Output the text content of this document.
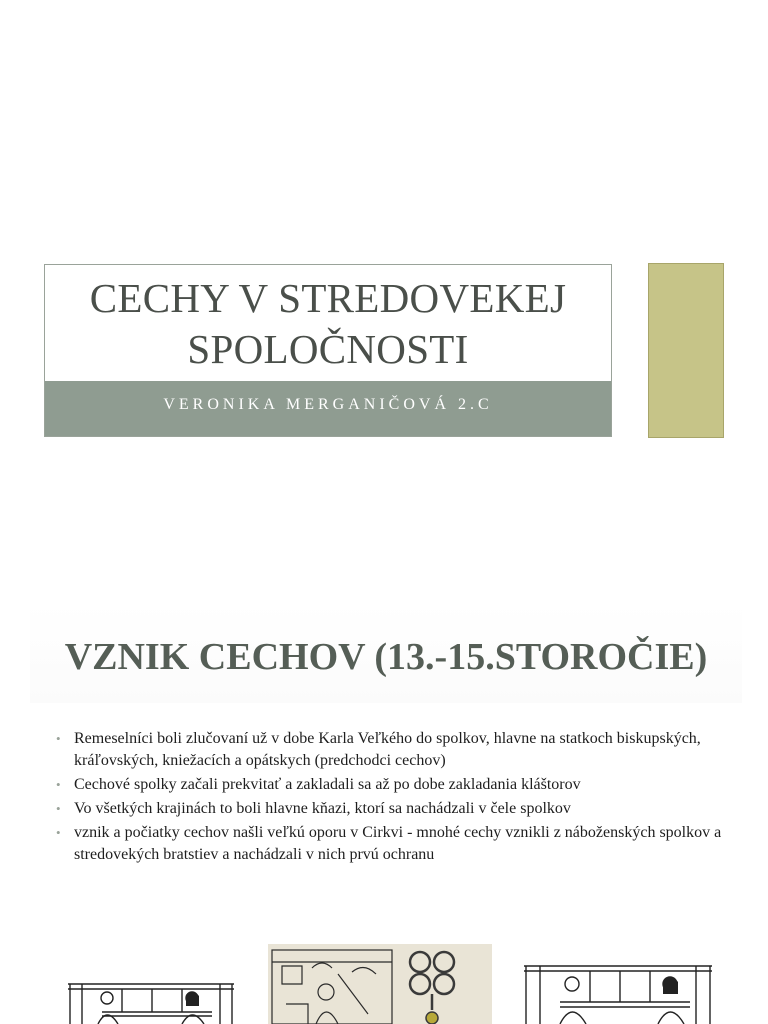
CECHY V STREDOVEKEJ
SPOLOČNOSTI
VERONIKA MERGANIČOVÁ 2.C
VZNIK CECHOV (13.-15.STOROČIE)
• Remeselníci boli zlučovaní už v dobe Karla Veľkého do spolkov, hlavne na statkoch biskupských, kráľovských, kniežacích a opátskych (predchodci cechov)
• Cechové spolky začali prekvitať a zakladali sa až po dobe zakladania kláštorov
• Vo všetkých krajinách to boli hlavne kňazi, ktorí sa nachádzali v čele spolkov
• vznik a počiatky cechov našli veľkú oporu v Cirkvi - mnohé cechy vznikli z náboženských spolkov a stredovekých bratstiev a nachádzali v nich prvú ochranu
